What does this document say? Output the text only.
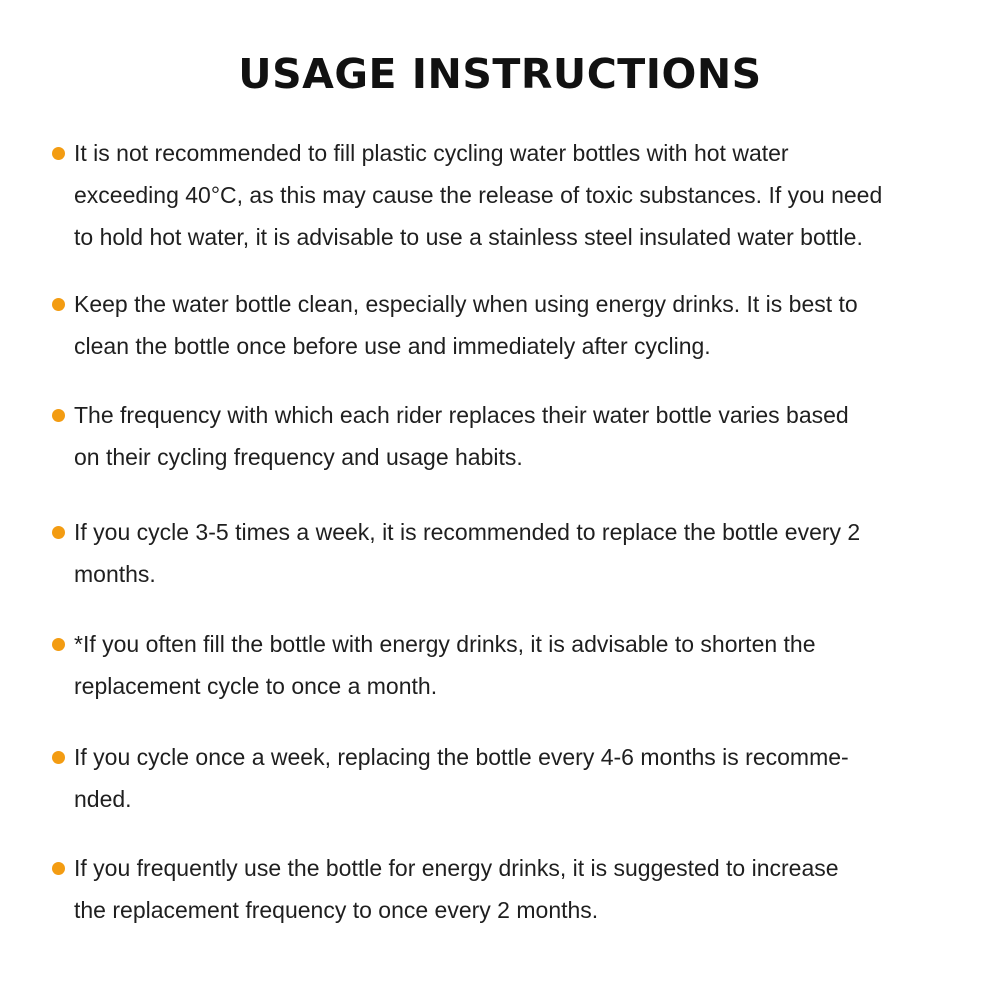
USAGE INSTRUCTIONS

It is not recommended to fill plastic cycling water bottles with hot water
exceeding 40°C, as this may cause the release of toxic substances. If you need
to hold hot water, it is advisable to use a stainless steel insulated water bottle.

Keep the water bottle clean, especially when using energy drinks. It is best to
clean the bottle once before use and immediately after cycling.

The frequency with which each rider replaces their water bottle varies based
on their cycling frequency and usage habits.

If you cycle 3-5 times a week, it is recommended to replace the bottle every 2
months.

*If you often fill the bottle with energy drinks, it is advisable to shorten the
replacement cycle to once a month.

If you cycle once a week, replacing the bottle every 4-6 months is recomme-
nded.

If you frequently use the bottle for energy drinks, it is suggested to increase
the replacement frequency to once every 2 months.
